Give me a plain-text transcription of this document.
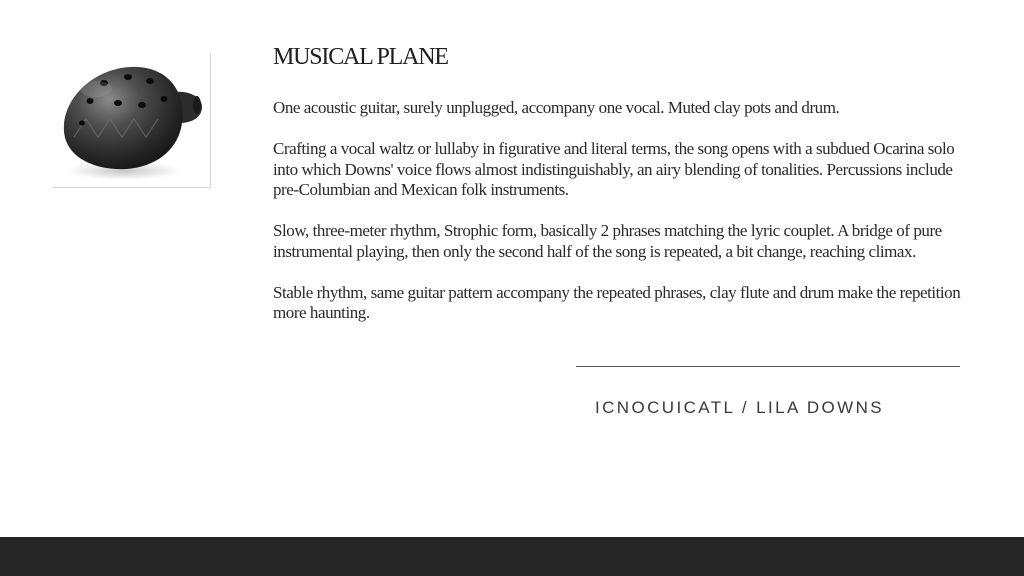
MUSICAL PLANE

One acoustic guitar, surely unplugged, accompany one vocal. Muted clay pots and drum.

Crafting a vocal waltz or lullaby in figurative and literal terms, the song opens with a subdued Ocarina solo into which Downs' voice flows almost indistinguishably, an airy blending of tonalities. Percussions include pre-Columbian and Mexican folk instruments.

Slow, three-meter rhythm, Strophic form, basically 2 phrases matching the lyric couplet. A bridge of pure instrumental playing, then only the second half of the song is repeated, a bit change, reaching climax.

Stable rhythm, same guitar pattern accompany the repeated phrases, clay flute and drum make the repetition more haunting.

ICNOCUICATL / LILA DOWNS
